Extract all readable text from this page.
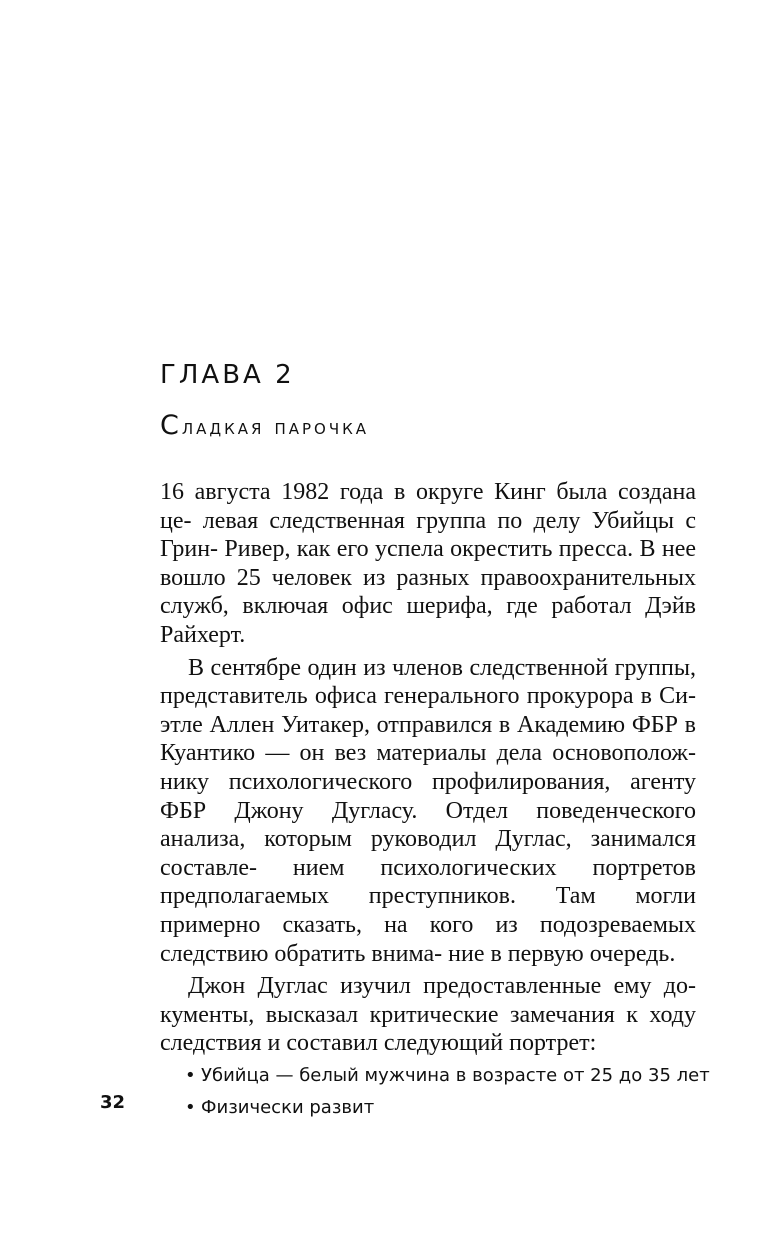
ГЛАВА 2
Сладкая парочка

16 августа 1982 года в округе Кинг была создана це- левая следственная группа по делу Убийцы с Грин- Ривер, как его успела окрестить пресса. В нее вошло 25 человек из разных правоохранительных служб, включая офис шерифа, где работал Дэйв Райхерт.

В сентябре один из членов следственной группы, представитель офиса генерального прокурора в Си- этле Аллен Уитакер, отправился в Академию ФБР в Куантико — он вез материалы дела основополож- нику психологического профилирования, агенту ФБР Джону Дугласу. Отдел поведенческого анализа, которым руководил Дуглас, занимался составле- нием психологических портретов предполагаемых преступников. Там могли примерно сказать, на кого из подозреваемых следствию обратить внима- ние в первую очередь.

Джон Дуглас изучил предоставленные ему до- кументы, высказал критические замечания к ходу следствия и составил следующий портрет:

• Убийца — белый мужчина в возрасте от 25 до 35 лет
• Физически развит
32
